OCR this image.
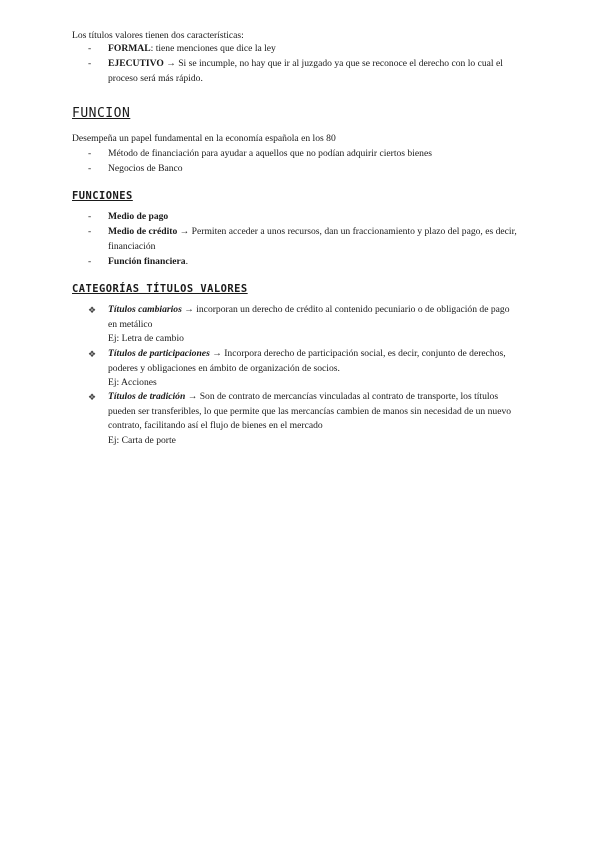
Los títulos valores tienen dos características:
-	FORMAL: tiene menciones que dice la ley
-	EJECUTIVO → Si se incumple, no hay que ir al juzgado ya que se reconoce el derecho con lo cual el proceso será más rápido.
FUNCION
Desempeña un papel fundamental en la economía española en los 80
-	Método de financiación para ayudar a aquellos que no podían adquirir ciertos bienes
-	Negocios de Banco
FUNCIONES
-	Medio de pago
-	Medio de crédito → Permiten acceder a unos recursos, dan un fraccionamiento y plazo del pago, es decir, financiación
-	Función financiera.
CATEGORÍAS TÍTULOS VALORES
❖	Títulos cambiarios → incorporan un derecho de crédito al contenido pecuniario o de obligación de pago en metálico
Ej: Letra de cambio
❖	Títulos de participaciones → Incorpora derecho de participación social, es decir, conjunto de derechos, poderes y obligaciones en ámbito de organización de socios.
Ej: Acciones
❖	Títulos de tradición → Son de contrato de mercancías vinculadas al contrato de transporte, los títulos pueden ser transferibles, lo que permite que las mercancías cambien de manos sin necesidad de un nuevo contrato, facilitando así el flujo de bienes en el mercado
Ej: Carta de porte
